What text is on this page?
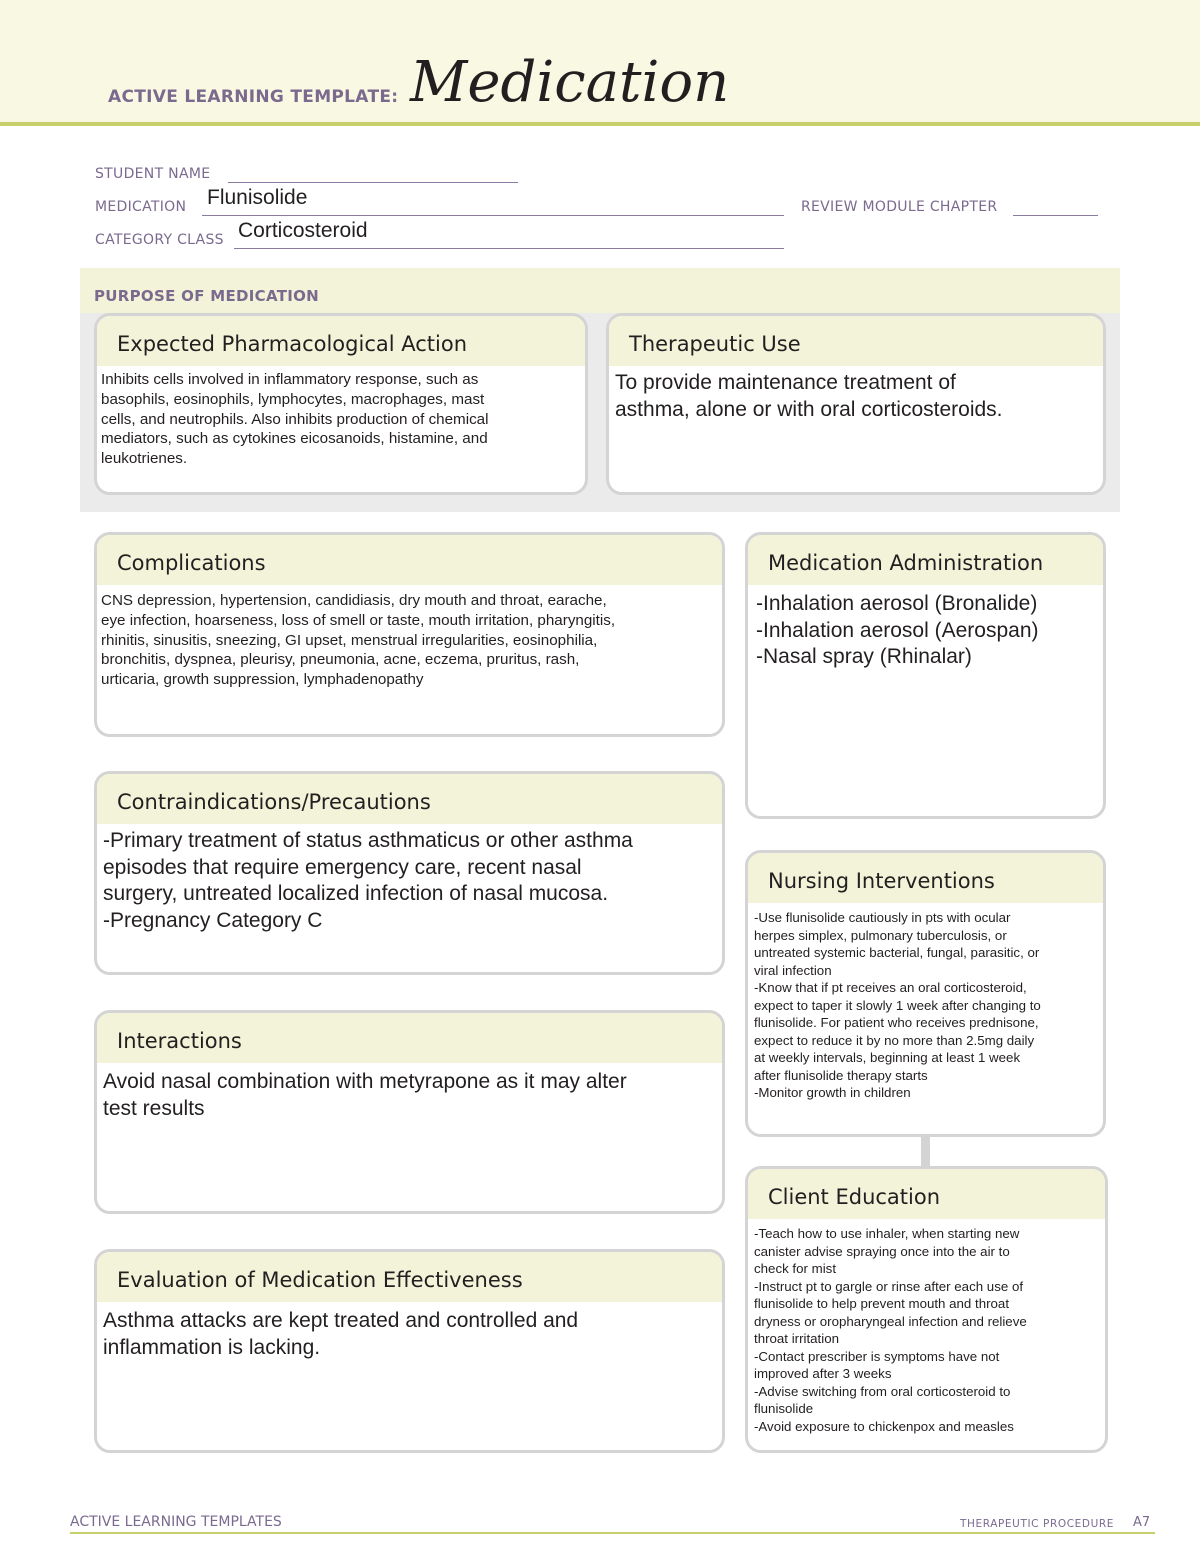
ACTIVE LEARNING TEMPLATE: Medication
STUDENT NAME
MEDICATION Flunisolide	REVIEW MODULE CHAPTER
CATEGORY CLASS Corticosteroid
PURPOSE OF MEDICATION
Expected Pharmacological Action
Inhibits cells involved in inflammatory response, such as
basophils, eosinophils, lymphocytes, macrophages, mast
cells, and neutrophils. Also inhibits production of chemical
mediators, such as cytokines eicosanoids, histamine, and
leukotrienes.
Therapeutic Use
To provide maintenance treatment of
asthma, alone or with oral corticosteroids.
Complications
CNS depression, hypertension, candidiasis, dry mouth and throat, earache,
eye infection, hoarseness, loss of smell or taste, mouth irritation, pharyngitis,
rhinitis, sinusitis, sneezing, GI upset, menstrual irregularities, eosinophilia,
bronchitis, dyspnea, pleurisy, pneumonia, acne, eczema, pruritus, rash,
urticaria, growth suppression, lymphadenopathy
Medication Administration
-Inhalation aerosol (Bronalide)
-Inhalation aerosol (Aerospan)
-Nasal spray (Rhinalar)
Contraindications/Precautions
-Primary treatment of status asthmaticus or other asthma
episodes that require emergency care, recent nasal
surgery, untreated localized infection of nasal mucosa.
-Pregnancy Category C
Nursing Interventions
-Use flunisolide cautiously in pts with ocular
herpes simplex, pulmonary tuberculosis, or
untreated systemic bacterial, fungal, parasitic, or
viral infection
-Know that if pt receives an oral corticosteroid,
expect to taper it slowly 1 week after changing to
flunisolide. For patient who receives prednisone,
expect to reduce it by no more than 2.5mg daily
at weekly intervals, beginning at least 1 week
after flunisolide therapy starts
-Monitor growth in children
Interactions
Avoid nasal combination with metyrapone as it may alter
test results
Client Education
-Teach how to use inhaler, when starting new
canister advise spraying once into the air to
check for mist
-Instruct pt to gargle or rinse after each use of
flunisolide to help prevent mouth and throat
dryness or oropharyngeal infection and relieve
throat irritation
-Contact prescriber is symptoms have not
improved after 3 weeks
-Advise switching from oral corticosteroid to
flunisolide
-Avoid exposure to chickenpox and measles
Evaluation of Medication Effectiveness
Asthma attacks are kept treated and controlled and
inflammation is lacking.
ACTIVE LEARNING TEMPLATES	THERAPEUTIC PROCEDURE A7
